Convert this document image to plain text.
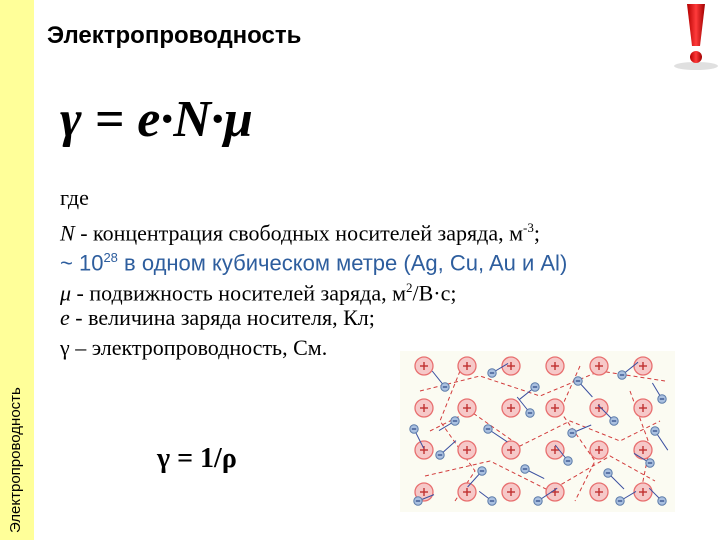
Электропроводность
Электропроводность
γ = e·N·μ
где
N - концентрация свободных носителей заряда, $м^{-3}$;
~ $10^{28}$ в одном кубическом метре (Ag, Cu, Au и Al)
μ - подвижность носителей заряда, $м^2/В\cdot с$;
e - величина заряда носителя, Кл;
γ – электропроводность, См.
γ = 1/ρ
